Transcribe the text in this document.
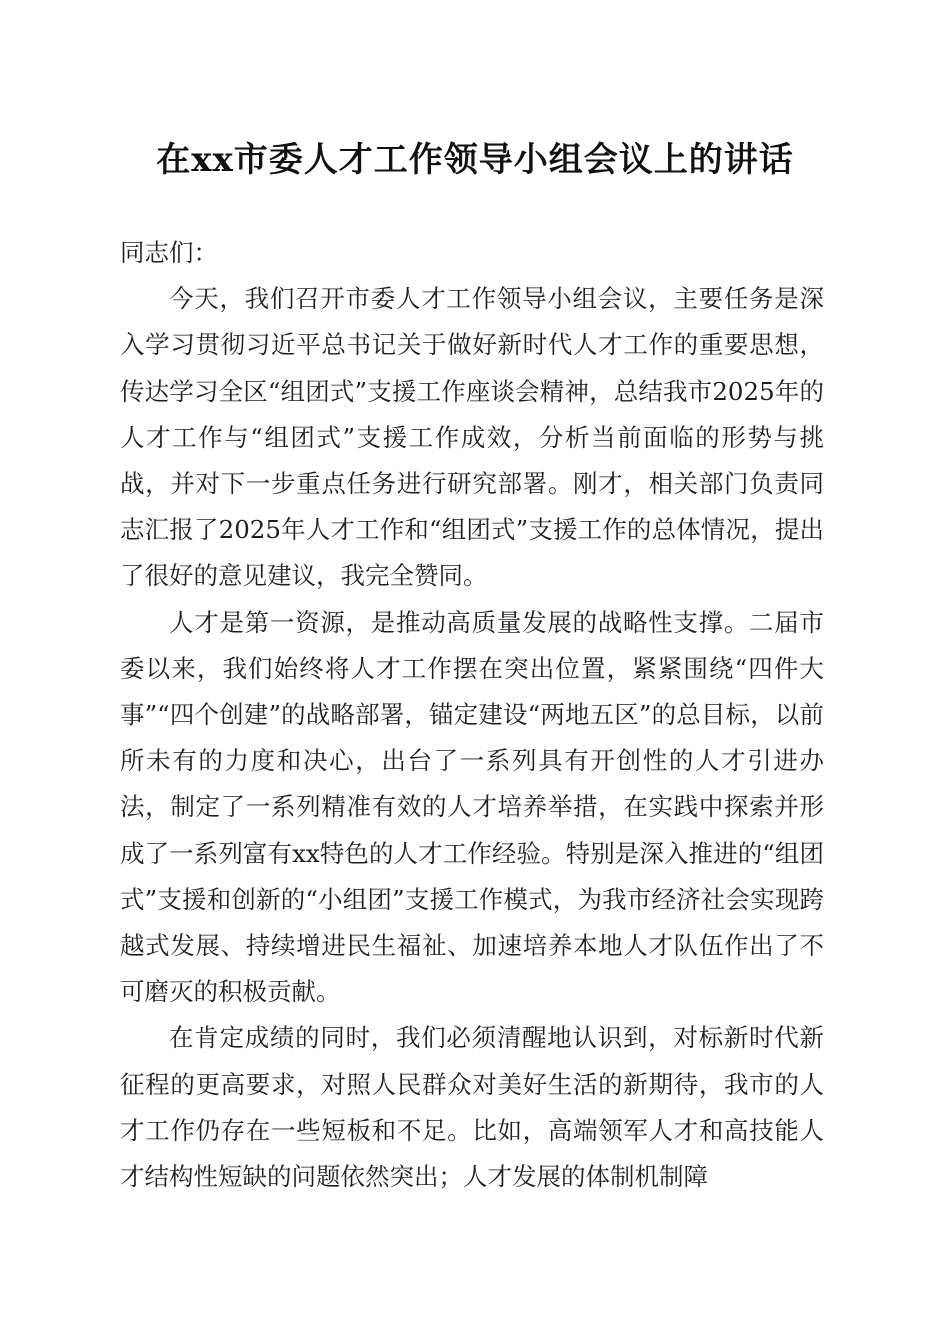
在xx市委人才工作领导小组会议上的讲话

同志们：

今天，我们召开市委人才工作领导小组会议，主要任务是深入学习贯彻习近平总书记关于做好新时代人才工作的重要思想，传达学习全区“组团式”支援工作座谈会精神，总结我市2025年的人才工作与“组团式”支援工作成效，分析当前面临的形势与挑战，并对下一步重点任务进行研究部署。刚才，相关部门负责同志汇报了2025年人才工作和“组团式”支援工作的总体情况，提出了很好的意见建议，我完全赞同。

人才是第一资源，是推动高质量发展的战略性支撑。二届市委以来，我们始终将人才工作摆在突出位置，紧紧围绕“四件大事”“四个创建”的战略部署，锚定建设“两地五区”的总目标，以前所未有的力度和决心，出台了一系列具有开创性的人才引进办法，制定了一系列精准有效的人才培养举措，在实践中探索并形成了一系列富有xx特色的人才工作经验。特别是深入推进的“组团式”支援和创新的“小组团”支援工作模式，为我市经济社会实现跨越式发展、持续增进民生福祉、加速培养本地人才队伍作出了不可磨灭的积极贡献。

在肯定成绩的同时，我们必须清醒地认识到，对标新时代新征程的更高要求，对照人民群众对美好生活的新期待，我市的人才工作仍存在一些短板和不足。比如，高端领军人才和高技能人才结构性短缺的问题依然突出；人才发展的体制机制障
